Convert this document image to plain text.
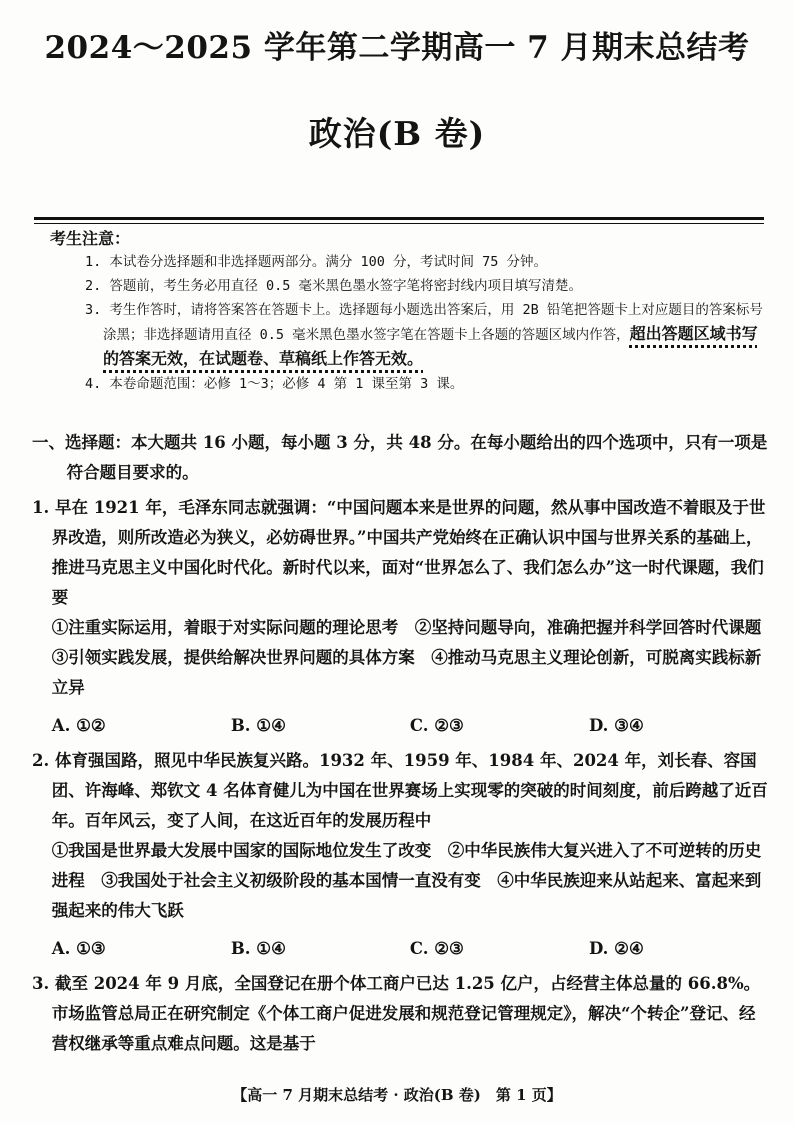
2024～2025 学年第二学期高一 7 月期末总结考
政治(B 卷)
考生注意：
1. 本试卷分选择题和非选择题两部分。满分 100 分，考试时间 75 分钟。
2. 答题前，考生务必用直径 0.5 毫米黑色墨水签字笔将密封线内项目填写清楚。
3. 考生作答时，请将答案答在答题卡上。选择题每小题选出答案后，用 2B 铅笔把答题卡上对应题目的答案标号涂黑；非选择题请用直径 0.5 毫米黑色墨水签字笔在答题卡上各题的答题区域内作答，超出答题区域书写的答案无效，在试题卷、草稿纸上作答无效。
4. 本卷命题范围：必修 1～3；必修 4 第 1 课至第 3 课。
一、选择题：本大题共 16 小题，每小题 3 分，共 48 分。在每小题给出的四个选项中，只有一项是符合题目要求的。
1. 早在 1921 年，毛泽东同志就强调：“中国问题本来是世界的问题，然从事中国改造不着眼及于世界改造，则所改造必为狭义，必妨碍世界。”中国共产党始终在正确认识中国与世界关系的基础上，推进马克思主义中国化时代化。新时代以来，面对“世界怎么了、我们怎么办”这一时代课题，我们要
①注重实际运用，着眼于对实际问题的理论思考　②坚持问题导向，准确把握并科学回答时代课题　③引领实践发展，提供给解决世界问题的具体方案　④推动马克思主义理论创新，可脱离实践标新立异
A. ①②	B. ①④	C. ②③	D. ③④
2. 体育强国路，照见中华民族复兴路。1932 年、1959 年、1984 年、2024 年，刘长春、容国团、许海峰、郑钦文 4 名体育健儿为中国在世界赛场上实现零的突破的时间刻度，前后跨越了近百年。百年风云，变了人间，在这近百年的发展历程中
①我国是世界最大发展中国家的国际地位发生了改变　②中华民族伟大复兴进入了不可逆转的历史进程　③我国处于社会主义初级阶段的基本国情一直没有变　④中华民族迎来从站起来、富起来到强起来的伟大飞跃
A. ①③	B. ①④	C. ②③	D. ②④
3. 截至 2024 年 9 月底，全国登记在册个体工商户已达 1.25 亿户，占经营主体总量的 66.8%。市场监管总局正在研究制定《个体工商户促进发展和规范登记管理规定》，解决“个转企”登记、经营权继承等重点难点问题。这是基于
【高一 7 月期末总结考 · 政治(B 卷)　第 1 页】
